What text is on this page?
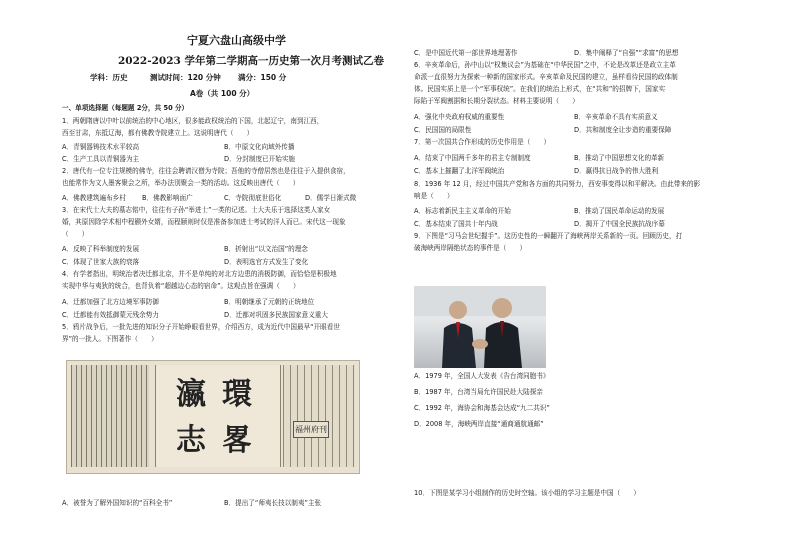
宁夏六盘山高级中学
2022-2023 学年第二学期高一历史第一次月考测试乙卷
学科：历史	测试时间：120 分钟 满分：150 分
A卷（共 100 分）
一、单项选择题（每题题 2分，共 50 分）
1．两朝隋唐以中叶以前统治的中心地区，很多能政权统治的下国，北起辽宁，南到江西，
西至甘肃，东抵辽海，都有佛教寺院建立上。这说明唐代（　　）
A．青铜器铸技术水平较高	B．中原文化向域外传播
C．生产工具以青铜器为主	D．分封制度已开始实施
2．唐代有一位专注规模的佛寺，往往会聘请汉僧为寺院；吾他的寺僧居然也是往往于入提供食宿，
也能常作为文人墨客聚会之所，举办法别聚会一类的活动。这反映出唐代（　　）
A．佛教建筑遍布乡村 B．佛教影响面广	C．寺院彻底世俗化	D．儒学日渐式微
3．在宋代士大夫的墓志铭中，往往有子孙“举进士”一类的记述。士大夫乐于选择这类人家女
婚，其原因除学术相中程颢外女婿，而程颐则时仅是准备参加进士考试的洋人而已。宋代这一现象
（　　）
A．反映了科举制度的发展	B．折射出“以文治国”的理念
C．体现了世家大族的衰落	D．表明选官方式发生了变化
4．有学者指出，明统治者决迁都北京，并不是单纯的对北方边患的消极防御，而恰恰是积极地
实现中华与夷狄的统合，也背负着“超越边心态的宿命”。这观点旨在强调（　　）
A．迁都加强了北方边境军事防御	B．明朝继承了元朝的正统地位
C．迁都能有效抵御蒙元残余势力	D．迁都对巩固多民族国家意义重大
5．鸦片战争后，一批先进的知识分子开始睁眼看世界，介绍西方，成为近代中国最早“开眼看世
界”的一批人。下图著作（　　）
瀛 環
志 畧	福州府刊
A．被誉为了解外国知识的“百科全书”	B．提出了“师夷长技以制夷”主张
C．是中国近代第一部世界地理著作	D．集中阐释了“自强”“求富”的思想
6．辛亥革命后，孙中山以“权集议会”为基础在“中华民国”之中，不论是改革还是政立主革
命派一直很努力为探索一种新的国家形式。辛亥革命及民国的建立，虽样看待民国的政体制
体。民国实质上是一个“军事权统”。在我们的统治上形式，在“共和”的招牌下，国家实
际陷于军阀割据和长期分裂状态。材料主要说明（　　）
A．强化中央政府权威的重要性	B．辛亥革命不具有实质意义
C．民国国的局限性	D．共和制度全让步造的重要保障
7．第一次国共合作形成的历史作用是（　　）
A．结束了中国两千多年的君主专制制度	B．推动了中国思想文化的革新
C．基本上摧翻了北洋军阀统治	D．赢得抗日战争的伟大胜利
8．1936 年 12 月，经过中国共产党和各方面的共同努力，西安事变得以和平解决。由此带来的影
响是（　　）
A．标志着新民主主义革命的开始	B．推动了国民革命运动的发展
C．基本结束了国共十年内战	D．揭开了中国全民族抗战序幕
9．下图是“习马会世纪握手”。这历史性的一瞬翻开了海峡两岸关系新的一页。回顾历史，打
破海峡两岸隔绝状态的事件是（　　）
A．1979 年，全国人大发表《告台湾同胞书》
B．1987 年，台湾当局允许国民赴大陆探亲
C．1992 年，海协会和海基会达成“九二共识”
D．2008 年，海峡两岸直接“通商通航通邮”
10．下图是某学习小组制作的历史时空轴。该小组的学习主题是中国（　　）
